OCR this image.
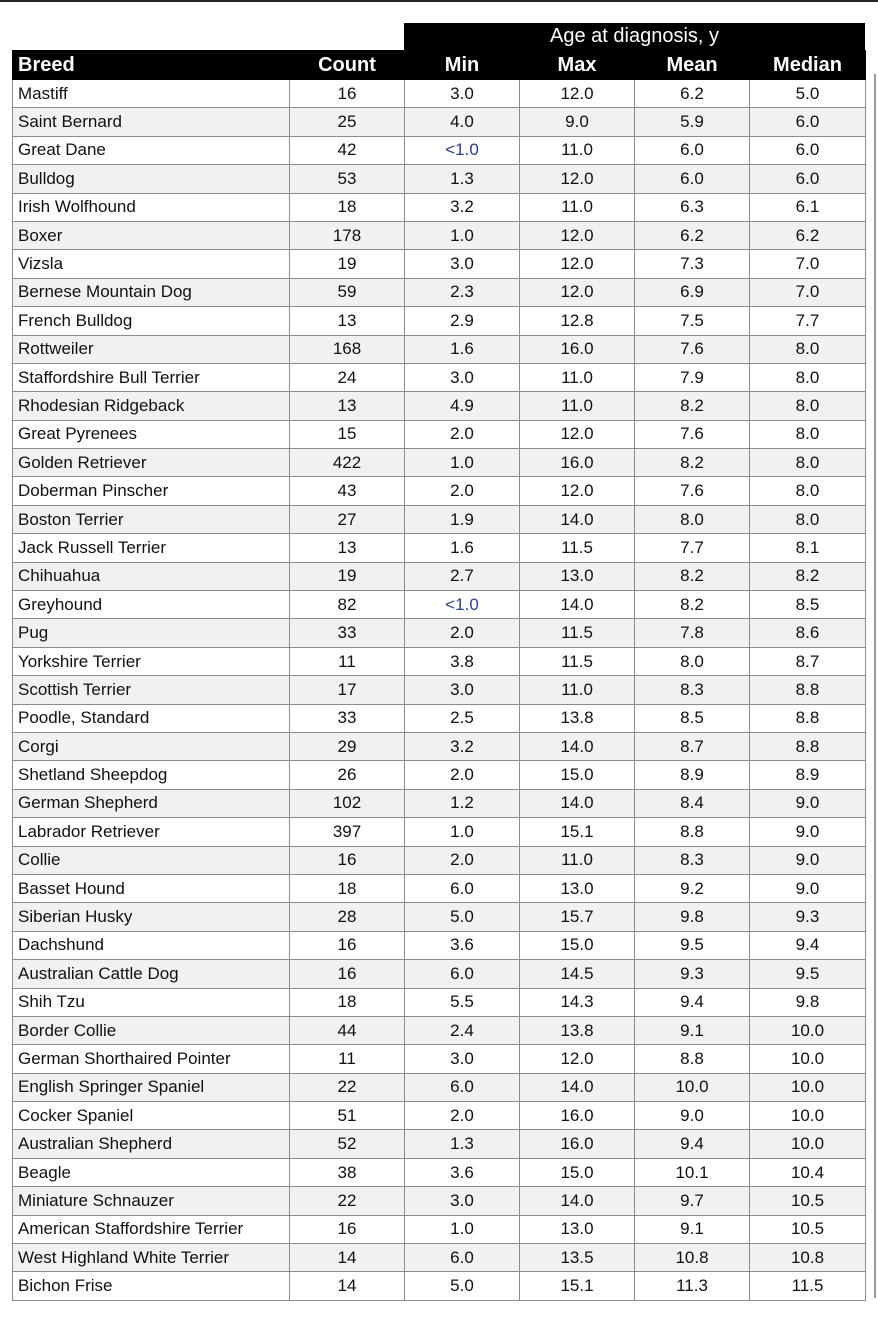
Age at diagnosis, y
Breed	Count	Min	Max	Mean	Median
Mastiff	16	3.0	12.0	6.2	5.0
Saint Bernard	25	4.0	9.0	5.9	6.0
Great Dane	42	<1.0	11.0	6.0	6.0
Bulldog	53	1.3	12.0	6.0	6.0
Irish Wolfhound	18	3.2	11.0	6.3	6.1
Boxer	178	1.0	12.0	6.2	6.2
Vizsla	19	3.0	12.0	7.3	7.0
Bernese Mountain Dog	59	2.3	12.0	6.9	7.0
French Bulldog	13	2.9	12.8	7.5	7.7
Rottweiler	168	1.6	16.0	7.6	8.0
Staffordshire Bull Terrier	24	3.0	11.0	7.9	8.0
Rhodesian Ridgeback	13	4.9	11.0	8.2	8.0
Great Pyrenees	15	2.0	12.0	7.6	8.0
Golden Retriever	422	1.0	16.0	8.2	8.0
Doberman Pinscher	43	2.0	12.0	7.6	8.0
Boston Terrier	27	1.9	14.0	8.0	8.0
Jack Russell Terrier	13	1.6	11.5	7.7	8.1
Chihuahua	19	2.7	13.0	8.2	8.2
Greyhound	82	<1.0	14.0	8.2	8.5
Pug	33	2.0	11.5	7.8	8.6
Yorkshire Terrier	11	3.8	11.5	8.0	8.7
Scottish Terrier	17	3.0	11.0	8.3	8.8
Poodle, Standard	33	2.5	13.8	8.5	8.8
Corgi	29	3.2	14.0	8.7	8.8
Shetland Sheepdog	26	2.0	15.0	8.9	8.9
German Shepherd	102	1.2	14.0	8.4	9.0
Labrador Retriever	397	1.0	15.1	8.8	9.0
Collie	16	2.0	11.0	8.3	9.0
Basset Hound	18	6.0	13.0	9.2	9.0
Siberian Husky	28	5.0	15.7	9.8	9.3
Dachshund	16	3.6	15.0	9.5	9.4
Australian Cattle Dog	16	6.0	14.5	9.3	9.5
Shih Tzu	18	5.5	14.3	9.4	9.8
Border Collie	44	2.4	13.8	9.1	10.0
German Shorthaired Pointer	11	3.0	12.0	8.8	10.0
English Springer Spaniel	22	6.0	14.0	10.0	10.0
Cocker Spaniel	51	2.0	16.0	9.0	10.0
Australian Shepherd	52	1.3	16.0	9.4	10.0
Beagle	38	3.6	15.0	10.1	10.4
Miniature Schnauzer	22	3.0	14.0	9.7	10.5
American Staffordshire Terrier	16	1.0	13.0	9.1	10.5
West Highland White Terrier	14	6.0	13.5	10.8	10.8
Bichon Frise	14	5.0	15.1	11.3	11.5
